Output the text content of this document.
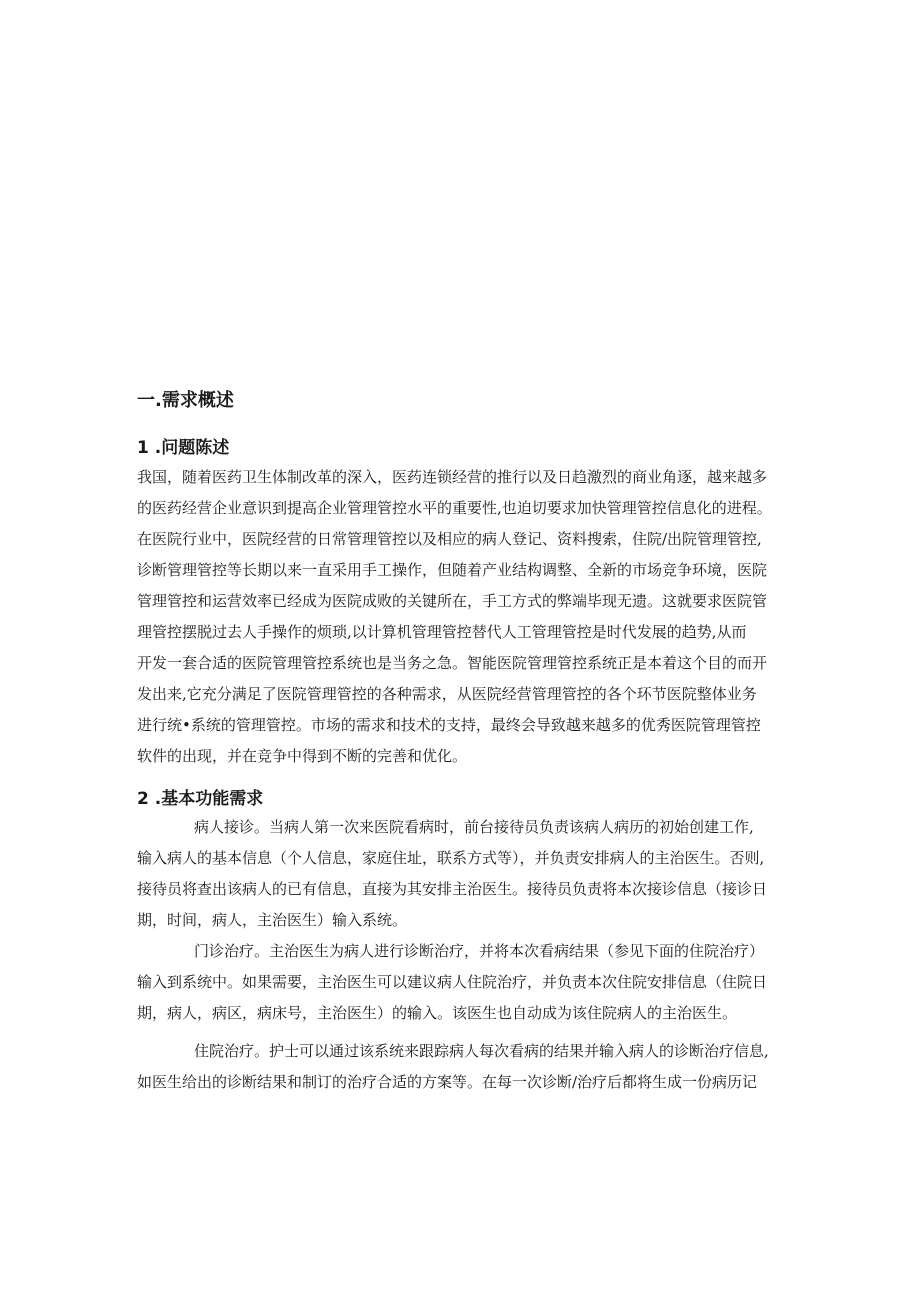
一.需求概述
1 .问题陈述
我国，随着医药卫生体制改革的深入，医药连锁经营的推行以及日趋激烈的商业角逐，越来越多
的医药经营企业意识到提高企业管理管控水平的重要性,也迫切要求加快管理管控信息化的进程。
在医院行业中，医院经营的日常管理管控以及相应的病人登记、资料搜索，住院/出院管理管控,
诊断管理管控等长期以来一直采用手工操作，但随着产业结构调整、全新的市场竞争环境，医院
管理管控和运营效率已经成为医院成败的关键所在，手工方式的弊端毕现无遗。这就要求医院管
理管控摆脱过去人手操作的烦琐,以计算机管理管控替代人工管理管控是时代发展的趋势,从而
开发一套合适的医院管理管控系统也是当务之急。智能医院管理管控系统正是本着这个目的而开
发出来,它充分满足了医院管理管控的各种需求，从医院经营管理管控的各个环节医院整体业务
进行统•系统的管理管控。市场的需求和技术的支持，最终会导致越来越多的优秀医院管理管控
软件的出现，并在竞争中得到不断的完善和优化。
2 .基本功能需求
病人接诊。当病人第一次来医院看病时，前台接待员负责该病人病历的初始创建工作,
输入病人的基本信息（个人信息，家庭住址，联系方式等），并负责安排病人的主治医生。否则,
接待员将查出该病人的已有信息，直接为其安排主治医生。接待员负责将本次接诊信息（接诊日
期，时间，病人，主治医生）输入系统。
门诊治疗。主治医生为病人进行诊断治疗，并将本次看病结果（参见下面的住院治疗）
输入到系统中。如果需要，主治医生可以建议病人住院治疗，并负责本次住院安排信息（住院日
期，病人，病区，病床号，主治医生）的输入。该医生也自动成为该住院病人的主治医生。
住院治疗。护士可以通过该系统来跟踪病人每次看病的结果并输入病人的诊断治疗信息,
如医生给出的诊断结果和制订的治疗合适的方案等。在每一次诊断/治疗后都将生成一份病历记
